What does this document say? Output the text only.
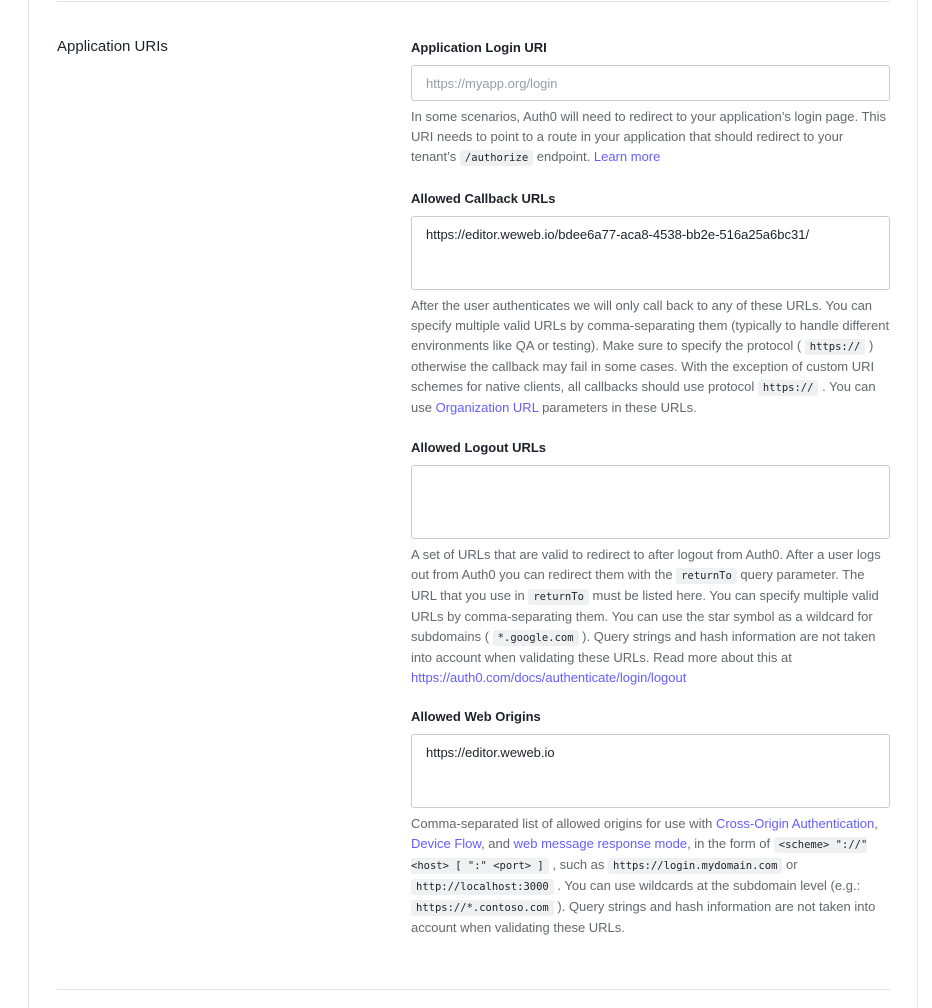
Application URIs	Application Login URI
https://myapp.org/login

In some scenarios, Auth0 will need to redirect to your application’s login page. This URI needs to point to a route in your application that should redirect to your tenant’s /authorize endpoint. Learn more

Allowed Callback URLs
https://editor.weweb.io/bdee6a77-aca8-4538-bb2e-516a25a6bc31/

After the user authenticates we will only call back to any of these URLs. You can specify multiple valid URLs by comma-separating them (typically to handle different environments like QA or testing). Make sure to specify the protocol ( https:// ) otherwise the callback may fail in some cases. With the exception of custom URI schemes for native clients, all callbacks should use protocol https:// . You can use Organization URL parameters in these URLs.

Allowed Logout URLs

A set of URLs that are valid to redirect to after logout from Auth0. After a user logs out from Auth0 you can redirect them with the returnTo query parameter. The URL that you use in returnTo must be listed here. You can specify multiple valid URLs by comma-separating them. You can use the star symbol as a wildcard for subdomains ( *.google.com ). Query strings and hash information are not taken into account when validating these URLs. Read more about this at https://auth0.com/docs/authenticate/login/logout

Allowed Web Origins
https://editor.weweb.io

Comma-separated list of allowed origins for use with Cross-Origin Authentication, Device Flow, and web message response mode, in the form of <scheme> "://" <host> [ ":" <port> ] , such as https://login.mydomain.com or http://localhost:3000 . You can use wildcards at the subdomain level (e.g.: https://*.contoso.com ). Query strings and hash information are not taken into account when validating these URLs.
